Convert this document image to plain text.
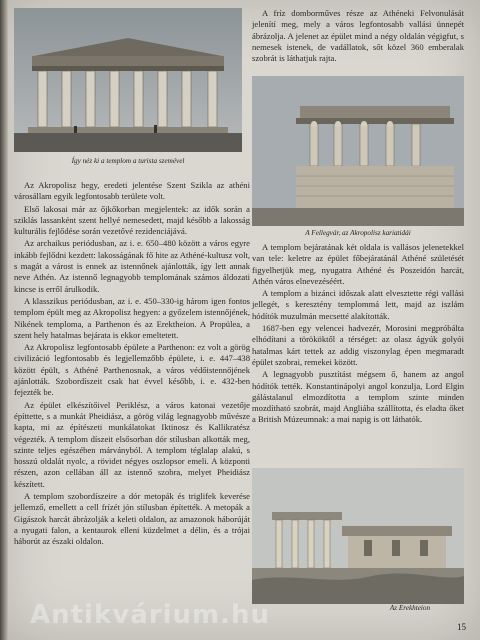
Így néz ki a templom a turista szemével

Az Akropolisz hegy, eredeti jelentése Szent Szikla az athéni városállam egyik legfontosabb területe volt.

Első lakosai már az őjkőkorban megjelentek: az idők során a sziklás lassanként szent hellyé nemesedett, majd később a lakosság kulturális fejlődése során vezetővé rezidenciájává.

Az archaikus periódusban, az i. e. 650–480 között a város egyre inkább fejlődni kezdett: lakosságának fő hite az Athéné-kultusz volt, s magát a várost is ennek az istennőnek ajánlották, így lett annak neve Athén. Az istennő legnagyobb templomának számos áldozati kincse is erről árulkodik.

A klasszikus periódusban, az i. e. 450–330-ig három igen fontos templom épült meg az Akropolisz hegyen: a győzelem istennőjének, Nikének temploma, a Parthenon és az Erektheion. A Propülea, a szent hely hatalmas bejárata is ekkor emeltetett.

Az Akropolisz legfontosabb épülete a Parthenon: ez volt a görög civilizáció legfontosabb és legjellemzőbb épülete, i. e. 447–438 között épült, s Athéné Parthenosnak, a város védőistennőjének ajánlották. Szobordíszeit csak hat évvel később, i. e. 432-ben fejezték be.

Az épület elkészítőivel Periklész, a város katonai vezetője építtette, s a munkát Pheidiász, a görög világ legnagyobb művésze kapta, mi az építészeti munkálatokat Iktinosz és Kallikratész végezték. A templom díszeit elsősorban dór stílusban alkották meg, szinte teljes egészében márványból. A templom téglalap alakú, s hosszú oldalát nyolc, a rövidet négyes oszlopsor emeli. A központi részen, azon cellában áll az istennő szobra, melyet Pheidiász készített.

A templom szobordíszeire a dór metopák és triglifek keverése jellemző, emellett a cell frízét jón stílusban építették. A metopák a Gigászok harcát ábrázolják a keleti oldalon, az amazonok háborúját a nyugati falon, a kentaurok elleni küzdelmet a délin, és a trójai háborút az északi oldalon.

A fríz domborműves része az Athéneki Felvonulását jelenítí meg, mely a város legfontosabb vallási ünnepét ábrázolja. A jelenet az épület mind a négy oldalán végigfut, s nemesek istenek, de vadállatok, sőt közel 360 emberalak szobrát is láthatjuk rajta.

A Fellegvár, az Akropolisz kariatidái

A templom bejáratának két oldala is vallásos jelenetekkel van tele: keletre az épület főbejáratánál Athéné születését figyelhetjük meg, nyugatra Athéné és Poszeidón harcát, Athén város elnevezéséért.

A templom a bizánci időszak alatt elvesztette régi vallási jellegét, s keresztény templommá lett, majd az iszlám hódítók muzulmán mecsetté alakították.

1687-ben egy velencei hadvezér, Morosini megpróbálta elhódítani a törököktől a térséget: az olasz ágyúk golyói hatalmas kárt tettek az addig viszonylag épen megmaradt épület szobrai, remekei között.

A legnagyobb pusztítást mégsem ő, hanem az angol hódítók tették. Konstantinápolyi angol konzulja, Lord Elgin gálástalanul elmozdította a templom szinte minden mozdítható szobrát, majd Angliába szállította, és eladta őket a British Múzeumnak: a mai napig is ott láthatók.

Az Erekhteion
Antikvárium.hu	15
